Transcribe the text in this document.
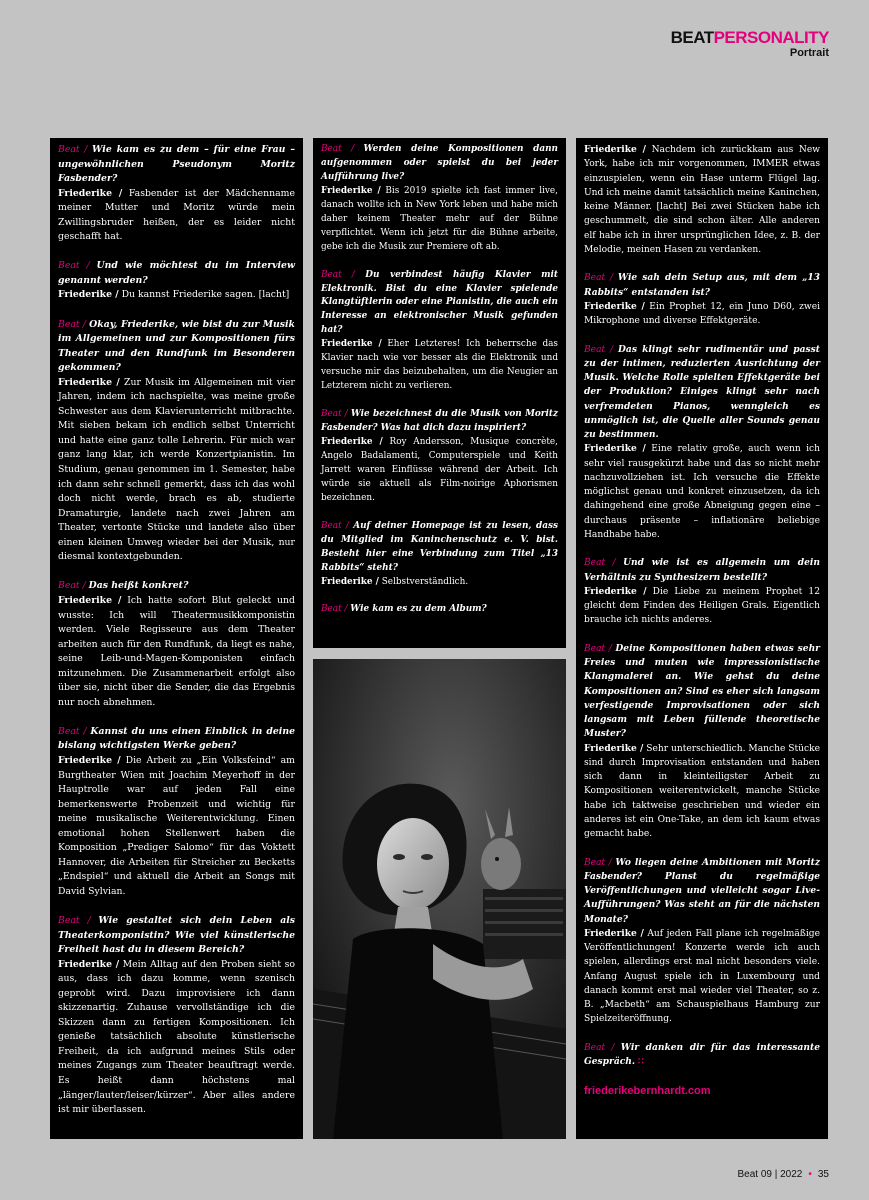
BEATPERSONALITY
Portrait

Beat / Wie kam es zu dem – für eine Frau – ungewöhnlichen Pseudonym Moritz Fasbender?
Friederike / Fasbender ist der Mädchenname meiner Mutter und Moritz würde mein Zwillingsbruder heißen, der es leider nicht geschafft hat.

Beat / Und wie möchtest du im Interview genannt werden?
Friederike / Du kannst Friederike sagen. [lacht]

Beat / Okay, Friederike, wie bist du zur Musik im Allgemeinen und zur Kompositionen fürs Theater und den Rundfunk im Besonderen gekommen?
Friederike / Zur Musik im Allgemeinen mit vier Jahren, indem ich nachspielte, was meine große Schwester aus dem Klavierunterricht mitbrachte. Mit sieben bekam ich endlich selbst Unterricht und hatte eine ganz tolle Lehrerin. Für mich war ganz lang klar, ich werde Konzertpianistin. Im Studium, genau genommen im 1. Semester, habe ich dann sehr schnell gemerkt, dass ich das wohl doch nicht werde, brach es ab, studierte Dramaturgie, landete nach zwei Jahren am Theater, vertonte Stücke und landete also über einen kleinen Umweg wieder bei der Musik, nur diesmal kontextgebunden.

Beat / Das heißt konkret?
Friederike / Ich hatte sofort Blut geleckt und wusste: Ich will Theatermusikkomponistin werden. Viele Regisseure aus dem Theater arbeiten auch für den Rundfunk, da liegt es nahe, seine Leib-und-Magen-Komponisten einfach mitzunehmen. Die Zusammenarbeit erfolgt also über sie, nicht über die Sender, die das Ergebnis nur noch abnehmen.

Beat / Kannst du uns einen Einblick in deine bislang wichtigsten Werke geben?
Friederike / Die Arbeit zu „Ein Volksfeind“ am Burgtheater Wien mit Joachim Meyerhoff in der Hauptrolle war auf jeden Fall eine bemerkenswerte Probenzeit und wichtig für meine musikalische Weiterentwicklung. Einen emotional hohen Stellenwert haben die Komposition „Prediger Salomo“ für das Voktett Hannover, die Arbeiten für Streicher zu Becketts „Endspiel“ und aktuell die Arbeit an Songs mit David Sylvian.

Beat / Wie gestaltet sich dein Leben als Theaterkomponistin? Wie viel künstlerische Freiheit hast du in diesem Bereich?
Friederike / Mein Alltag auf den Proben sieht so aus, dass ich dazu komme, wenn szenisch geprobt wird. Dazu improvisiere ich dann skizzenartig. Zuhause vervollständige ich die Skizzen dann zu fertigen Kompositionen. Ich genieße tatsächlich absolute künstlerische Freiheit, da ich aufgrund meines Stils oder meines Zugangs zum Theater beauftragt werde. Es heißt dann höchstens mal „länger/lauter/leiser/kürzer“. Aber alles andere ist mir überlassen.

Beat / Werden deine Kompositionen dann aufgenommen oder spielst du bei jeder Aufführung live?
Friederike / Bis 2019 spielte ich fast immer live, danach wollte ich in New York leben und habe mich daher keinem Theater mehr auf der Bühne verpflichtet. Wenn ich jetzt für die Bühne arbeite, gebe ich die Musik zur Premiere oft ab.

Beat / Du verbindest häufig Klavier mit Elektronik. Bist du eine Klavier spielende Klangtüftlerin oder eine Pianistin, die auch ein Interesse an elektronischer Musik gefunden hat?
Friederike / Eher Letzteres! Ich beherrsche das Klavier nach wie vor besser als die Elektronik und versuche mir das beizubehalten, um die Neugier an Letzterem nicht zu verlieren.

Beat / Wie bezeichnest du die Musik von Moritz Fasbender? Was hat dich dazu inspiriert?
Friederike / Roy Andersson, Musique concrète, Angelo Badalamenti, Computerspiele und Keith Jarrett waren Einflüsse während der Arbeit. Ich würde sie aktuell als Film-noirige Aphorismen bezeichnen.

Beat / Auf deiner Homepage ist zu lesen, dass du Mitglied im Kaninchenschutz e. V. bist. Besteht hier eine Verbindung zum Titel „13 Rabbits“ steht?
Friederike / Selbstverständlich.

Beat / Wie kam es zu dem Album?

Friederike / Nachdem ich zurückkam aus New York, habe ich mir vorgenommen, IMMER etwas einzuspielen, wenn ein Hase unterm Flügel lag. Und ich meine damit tatsächlich meine Kaninchen, keine Männer. [lacht] Bei zwei Stücken habe ich geschummelt, die sind schon älter. Alle anderen elf habe ich in ihrer ursprünglichen Idee, z. B. der Melodie, meinen Hasen zu verdanken.

Beat / Wie sah dein Setup aus, mit dem „13 Rabbits“ entstanden ist?
Friederike / Ein Prophet 12, ein Juno D60, zwei Mikrophone und diverse Effektgeräte.

Beat / Das klingt sehr rudimentär und passt zu der intimen, reduzierten Ausrichtung der Musik. Welche Rolle spielten Effektgeräte bei der Produktion? Einiges klingt sehr nach verfremdeten Pianos, wenngleich es unmöglich ist, die Quelle aller Sounds genau zu bestimmen.
Friederike / Eine relativ große, auch wenn ich sehr viel rausgekürzt habe und das so nicht mehr nachzuvollziehen ist. Ich versuche die Effekte möglichst genau und konkret einzusetzen, da ich dahingehend eine große Abneigung gegen eine – durchaus präsente – inflationäre beliebige Handhabe habe.

Beat / Und wie ist es allgemein um dein Verhältnis zu Synthesizern bestellt?
Friederike / Die Liebe zu meinem Prophet 12 gleicht dem Finden des Heiligen Grals. Eigentlich brauche ich nichts anderes.

Beat / Deine Kompositionen haben etwas sehr Freies und muten wie impressionistische Klangmalerei an. Wie gehst du deine Kompositionen an? Sind es eher sich langsam verfestigende Improvisationen oder sich langsam mit Leben füllende theoretische Muster?
Friederike / Sehr unterschiedlich. Manche Stücke sind durch Improvisation entstanden und haben sich dann in kleinteiligster Arbeit zu Kompositionen weiterentwickelt, manche Stücke habe ich taktweise geschrieben und wieder ein anderes ist ein One-Take, an dem ich kaum etwas gemacht habe.

Beat / Wo liegen deine Ambitionen mit Moritz Fasbender? Planst du regelmäßige Veröffentlichungen und vielleicht sogar Live-Aufführungen? Was steht an für die nächsten Monate?
Friederike / Auf jeden Fall plane ich regelmäßige Veröffentlichungen! Konzerte werde ich auch spielen, allerdings erst mal nicht besonders viele. Anfang August spiele ich in Luxembourg und danach kommt erst mal wieder viel Theater, so z. B. „Macbeth“ am Schauspielhaus Hamburg zur Spielzeiteröffnung.

Beat / Wir danken dir für das interessante Gespräch. ∷

friederikebernhardt.com

Beat 09 | 2022 • 35
